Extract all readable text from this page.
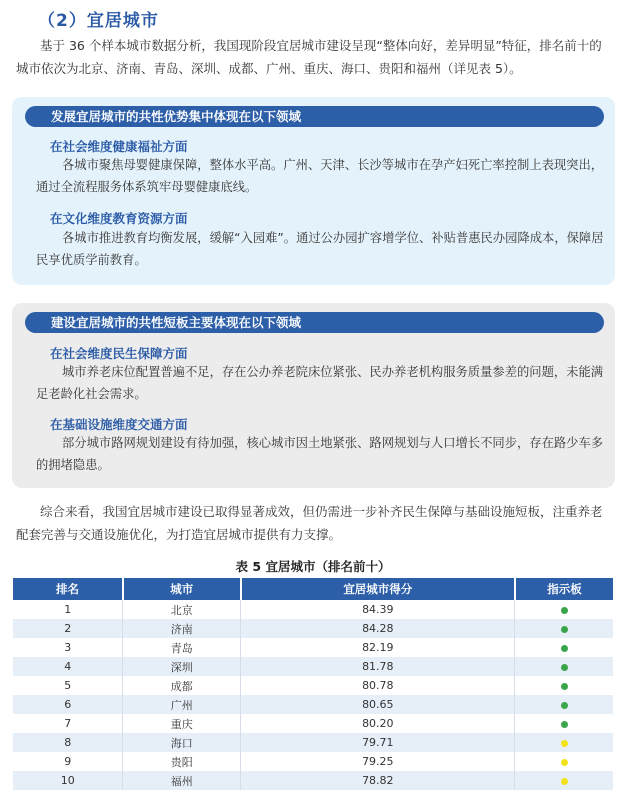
（2）宜居城市
基于 36 个样本城市数据分析，我国现阶段宜居城市建设呈现“整体向好，差异明显”特征，排名前十的城市依次为北京、济南、青岛、深圳、成都、广州、重庆、海口、贵阳和福州（详见表 5）。
发展宜居城市的共性优势集中体现在以下领域
在社会维度健康福祉方面
各城市聚焦母婴健康保障，整体水平高。广州、天津、长沙等城市在孕产妇死亡率控制上表现突出，通过全流程服务体系筑牢母婴健康底线。
在文化维度教育资源方面
各城市推进教育均衡发展，缓解“入园难”。通过公办园扩容增学位、补贴普惠民办园降成本，保障居民享优质学前教育。
建设宜居城市的共性短板主要体现在以下领域
在社会维度民生保障方面
城市养老床位配置普遍不足，存在公办养老院床位紧张、民办养老机构服务质量参差的问题，未能满足老龄化社会需求。
在基础设施维度交通方面
部分城市路网规划建设有待加强，核心城市因土地紧张、路网规划与人口增长不同步，存在路少车多的拥堵隐患。
综合来看，我国宜居城市建设已取得显著成效，但仍需进一步补齐民生保障与基础设施短板，注重养老配套完善与交通设施优化，为打造宜居城市提供有力支撑。
表 5 宜居城市（排名前十）
排名	城市	宜居城市得分	指示板
1	北京	84.39	
2	济南	84.28	
3	青岛	82.19	
4	深圳	81.78	
5	成都	80.78	
6	广州	80.65	
7	重庆	80.20	
8	海口	79.71	
9	贵阳	79.25	
10	福州	78.82	
